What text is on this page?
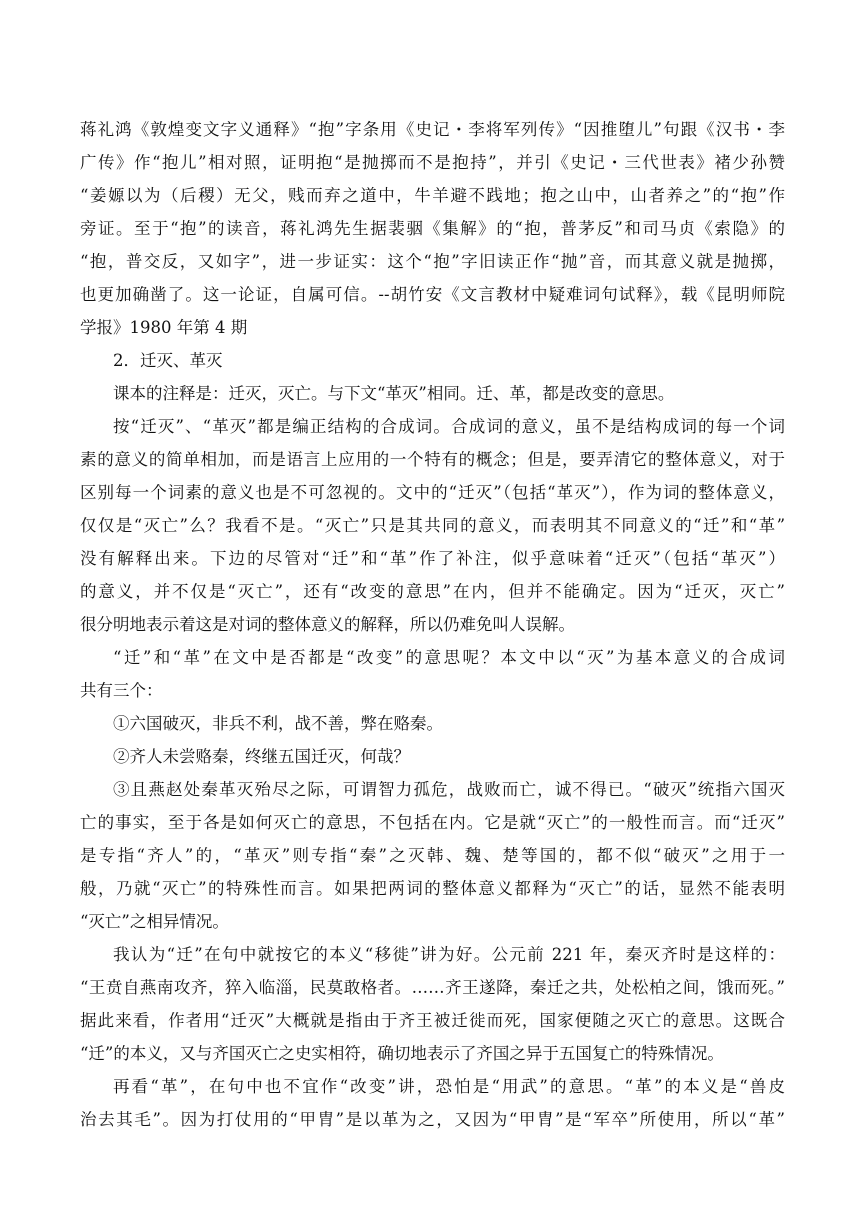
蒋礼鸿《敦煌变文字义通释》“抱”字条用《史记・李将军列传》“因推堕儿”句跟《汉书・李
广传》作“抱儿”相对照，证明抱“是抛掷而不是抱持”，并引《史记・三代世表》褚少孙赞
“姜嫄以为（后稷）无父，贱而弃之道中，牛羊避不践地；抱之山中，山者养之”的“抱”作
旁证。至于“抱”的读音，蒋礼鸿先生据裴骃《集解》的“抱，普茅反”和司马贞《索隐》的
“抱，普交反，又如字”，进一步证实：这个“抱”字旧读正作“抛”音，而其意义就是抛掷，
也更加确凿了。这一论证，自属可信。--胡竹安《文言教材中疑难词句试释》，载《昆明师院
学报》1980 年第 4 期
2．迁灭、革灭
课本的注释是：迁灭，灭亡。与下文“革灭”相同。迁、革，都是改变的意思。
按“迁灭”、“革灭”都是编正结构的合成词。合成词的意义，虽不是结构成词的每一个词
素的意义的简单相加，而是语言上应用的一个特有的概念；但是，要弄清它的整体意义，对于
区别每一个词素的意义也是不可忽视的。文中的“迁灭”（包括“革灭”），作为词的整体意义，
仅仅是“灭亡”么？我看不是。“灭亡”只是其共同的意义，而表明其不同意义的“迁”和“革”
没有解释出来。下边的尽管对“迁”和“革”作了补注，似乎意味着“迁灭”（包括“革灭”）
的意义，并不仅是“灭亡”，还有“改变的意思”在内，但并不能确定。因为“迁灭，灭亡”
很分明地表示着这是对词的整体意义的解释，所以仍难免叫人误解。
“迁”和“革”在文中是否都是“改变”的意思呢？本文中以“灭”为基本意义的合成词
共有三个：
①六国破灭，非兵不利，战不善，弊在赂秦。
②齐人未尝赂秦，终继五国迁灭，何哉？
③且燕赵处秦革灭殆尽之际，可谓智力孤危，战败而亡，诚不得已。“破灭”统指六国灭
亡的事实，至于各是如何灭亡的意思，不包括在内。它是就“灭亡”的一般性而言。而“迁灭”
是专指“齐人”的，“革灭”则专指“秦”之灭韩、魏、楚等国的，都不似“破灭”之用于一
般，乃就“灭亡”的特殊性而言。如果把两词的整体意义都释为“灭亡”的话，显然不能表明
“灭亡”之相异情况。
我认为“迁”在句中就按它的本义“移徙”讲为好。公元前 221 年，秦灭齐时是这样的：
“王贲自燕南攻齐，猝入临淄，民莫敢格者。……齐王遂降，秦迁之共，处松柏之间，饿而死。”
据此来看，作者用“迁灭”大概就是指由于齐王被迁徙而死，国家便随之灭亡的意思。这既合
“迁”的本义，又与齐国灭亡之史实相符，确切地表示了齐国之异于五国复亡的特殊情况。
再看“革”，在句中也不宜作“改变”讲，恐怕是“用武”的意思。“革”的本义是“兽皮
治去其毛”。因为打仗用的“甲胄”是以革为之，又因为“甲胄”是“军卒”所使用，所以“革”
